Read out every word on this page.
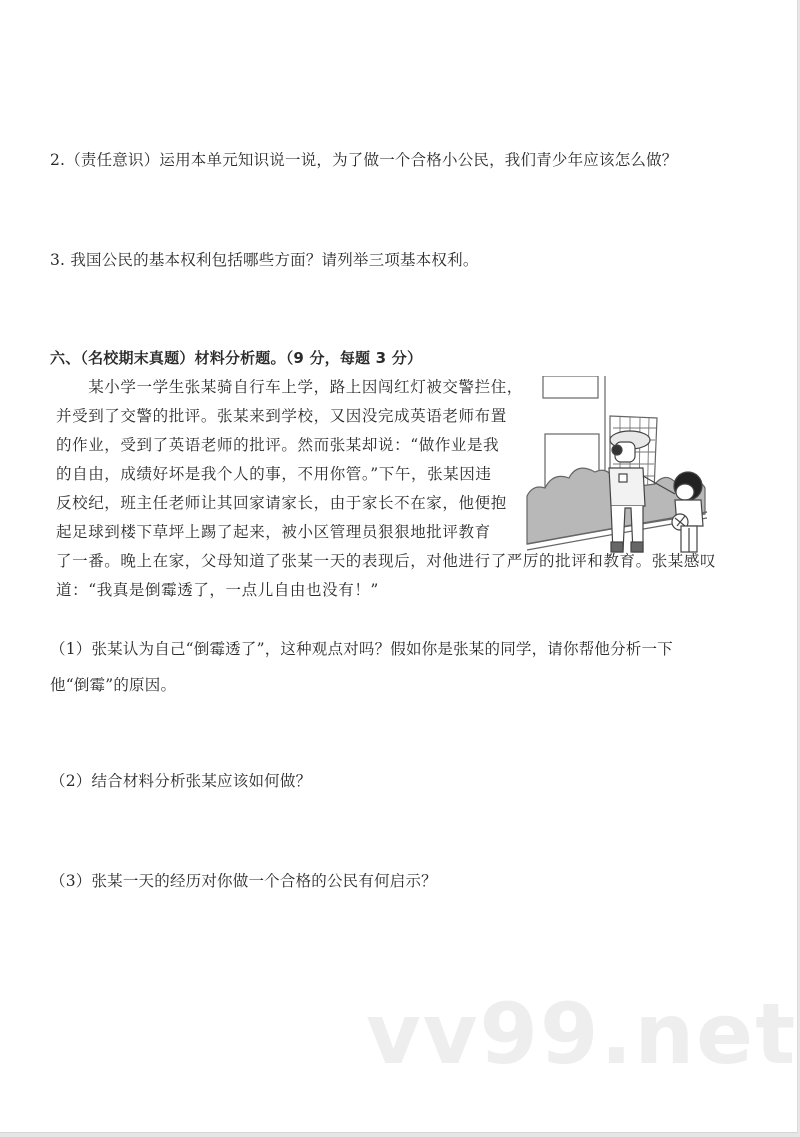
2.（责任意识）运用本单元知识说一说，为了做一个合格小公民，我们青少年应该怎么做？
3. 我国公民的基本权利包括哪些方面？请列举三项基本权利。
六、（名校期末真题）材料分析题。（9 分，每题 3 分）
　　某小学一学生张某骑自行车上学，路上因闯红灯被交警拦住，
并受到了交警的批评。张某来到学校，又因没完成英语老师布置
的作业，受到了英语老师的批评。然而张某却说：“做作业是我
的自由，成绩好坏是我个人的事，不用你管。”下午，张某因违
反校纪，班主任老师让其回家请家长，由于家长不在家，他便抱
起足球到楼下草坪上踢了起来，被小区管理员狠狠地批评教育
了一番。晚上在家，父母知道了张某一天的表现后，对他进行了严厉的批评和教育。张某感叹
道：“我真是倒霉透了，一点儿自由也没有！”
（1）张某认为自己“倒霉透了”，这种观点对吗？假如你是张某的同学，请你帮他分析一下
他“倒霉”的原因。
（2）结合材料分析张某应该如何做？
（3）张某一天的经历对你做一个合格的公民有何启示？
vv99.net
